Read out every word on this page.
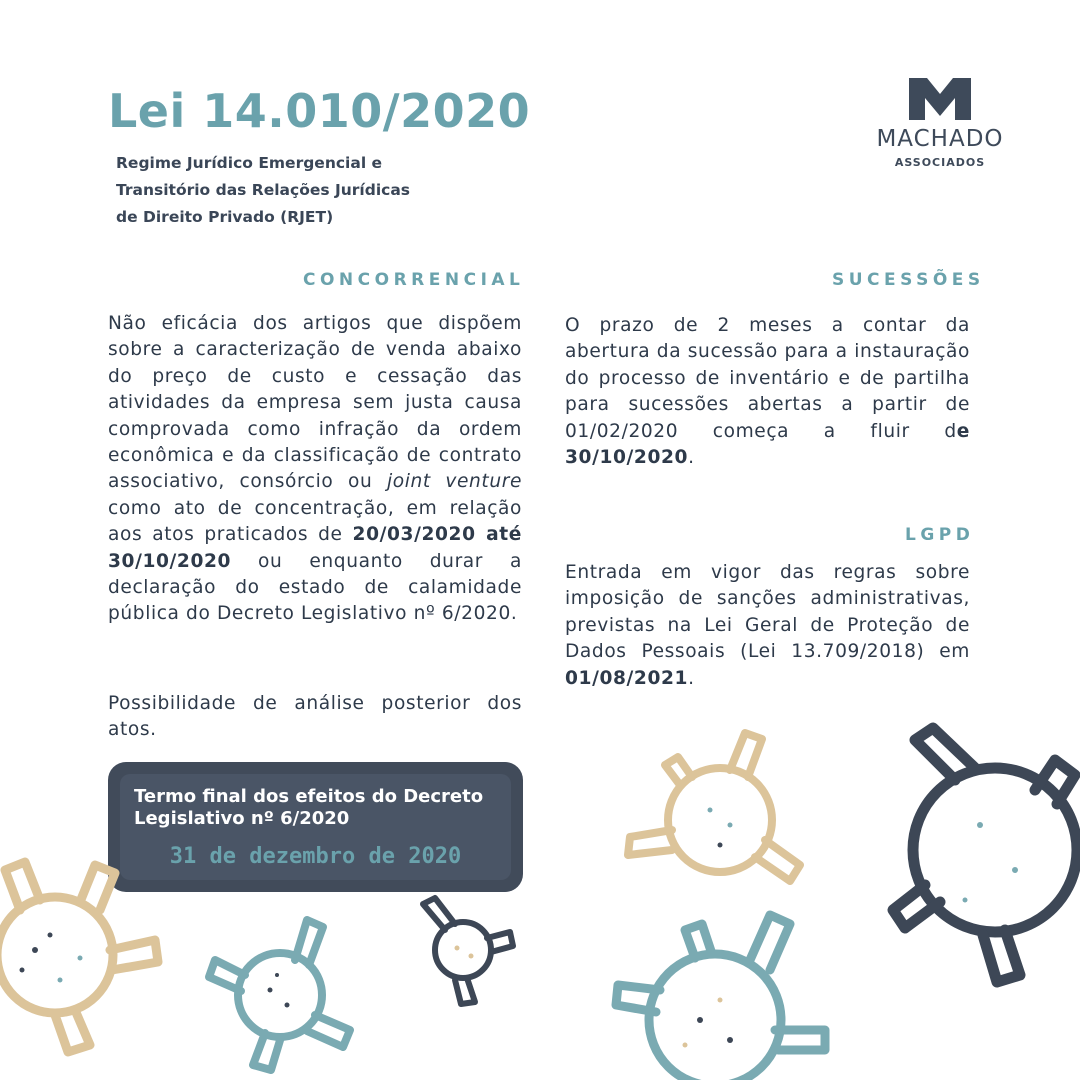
Lei 14.010/2020
Regime Jurídico Emergencial e
Transitório das Relações Jurídicas
de Direito Privado (RJET)
MACHADO
ASSOCIADOS
CONCORRENCIAL
Não eficácia dos artigos que dispõem sobre a caracterização de venda abaixo do preço de custo e cessação das atividades da empresa sem justa causa comprovada como infração da ordem econômica e da classificação de contrato associativo, consórcio ou joint venture como ato de concentração, em relação aos atos praticados de 20/03/2020 até 30/10/2020 ou enquanto durar a declaração do estado de calamidade pública do Decreto Legislativo nº 6/2020.
Possibilidade de análise posterior dos atos.
SUCESSÕES
O prazo de 2 meses a contar da abertura da sucessão para a instauração do processo de inventário e de partilha para sucessões abertas a partir de 01/02/2020 começa a fluir de 30/10/2020.
LGPD
Entrada em vigor das regras sobre imposição de sanções administrativas, previstas na Lei Geral de Proteção de Dados Pessoais (Lei 13.709/2018) em 01/08/2021.
Termo final dos efeitos do Decreto Legislativo nº 6/2020
31 de dezembro de 2020
